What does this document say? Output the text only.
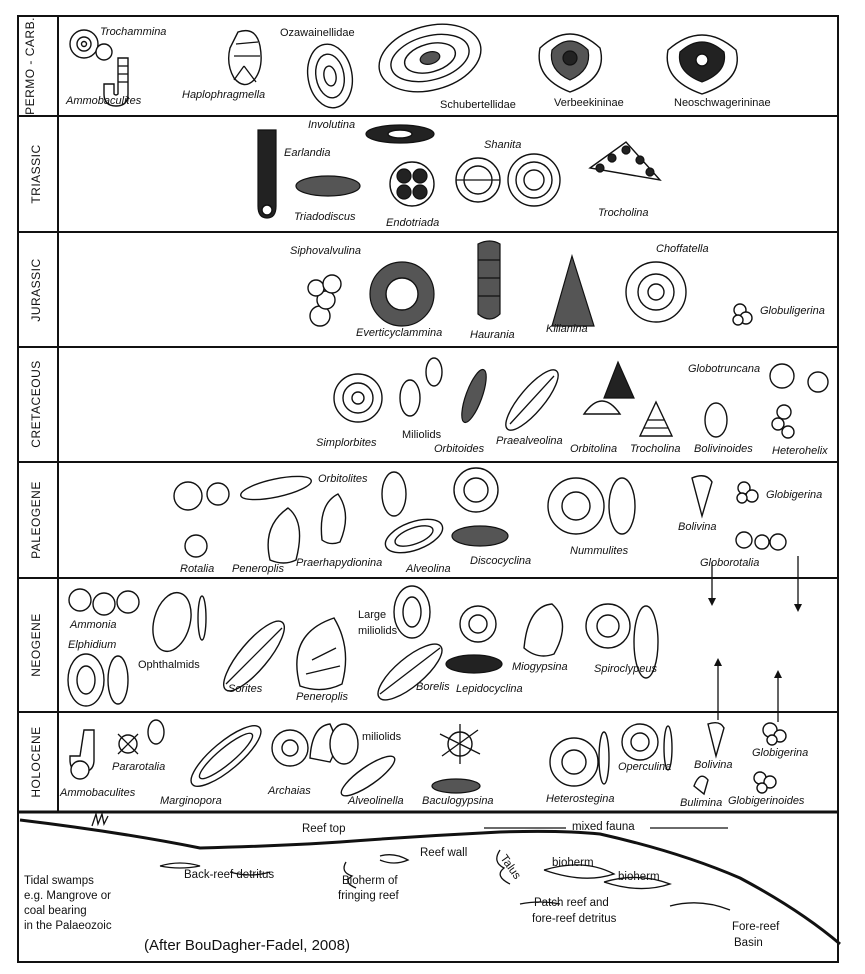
PERMO - CARB.
TRIASSIC
JURASSIC
CRETACEOUS
PALEOGENE
NEOGENE
HOLOCENE
Trochammina
Ammobaculites	Haplophragmella
Ozawainellidae
Schubertellidae	Verbeekininae	Neoschwagerininae
Involutina
Earlandia
Triadodiscus	Endotriada
Shanita
Trocholina
Siphovalvulina
Everticyclammina	Haurania	Kilianina
Choffatella
Globuligerina
Simplorbites
Miliolids
Orbitoides
Praealveolina
Orbitolina Trocholina
Globotruncana
Bolivinoides Heterohelix
Orbitolites
Rotalia Peneroplis Praerhapydionina Alveolina
Discocyclina
Nummulites
Bolivina
Globigerina
Globorotalia
Ammonia
Elphidium
Ophthalmids
Sorites
Peneroplis
Large
miliolids
Borelis Lepidocyclina
Miogypsina Spiroclypeus
Ammobaculites
Pararotalia
Marginopora
Archaias
miliolids
Alveolinella Baculogypsina	Heterostegina
Operculina Bolivina
Globigerina
Bulimina Globigerinoides
Reef top	mixed fauna
Tidal swamps
e.g. Mangrove or
coal bearing
in the Palaeozoic
Back-reef detritus
Reef wall
Bioherm of
fringing reef
Talus	bioherm
bioherm
Patch reef and
fore-reef detritus
Fore-reef
Basin
(After BouDagher-Fadel, 2008)
